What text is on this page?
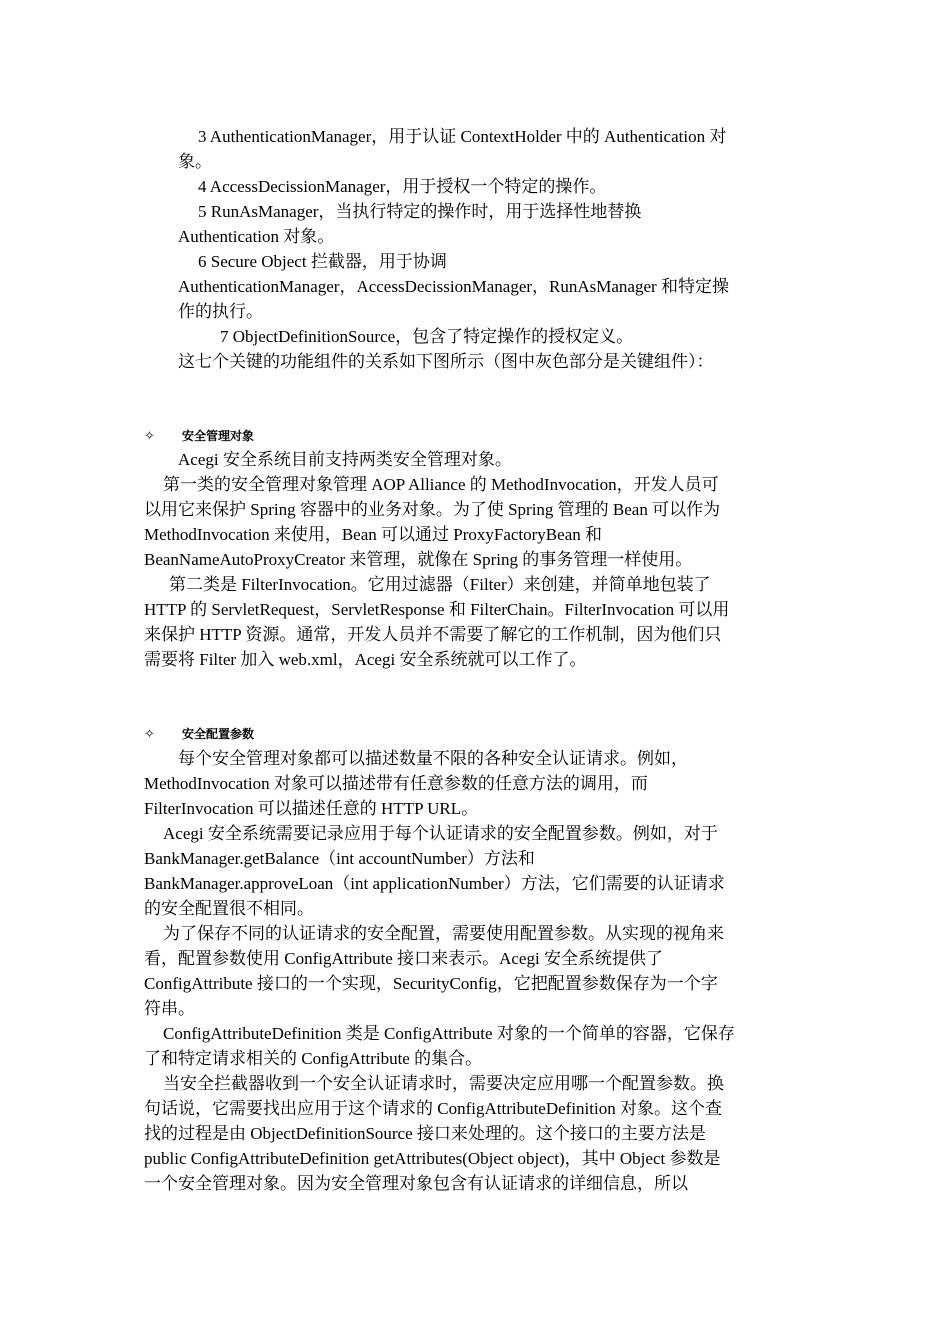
3 AuthenticationManager，用于认证 ContextHolder 中的 Authentication 对
象。
4 AccessDecissionManager，用于授权一个特定的操作。
5 RunAsManager，当执行特定的操作时，用于选择性地替换
Authentication 对象。
6 Secure Object 拦截器，用于协调
AuthenticationManager，AccessDecissionManager，RunAsManager 和特定操
作的执行。
7 ObjectDefinitionSource，包含了特定操作的授权定义。
这七个关键的功能组件的关系如下图所示（图中灰色部分是关键组件）：
✧ 安全管理对象
Acegi 安全系统目前支持两类安全管理对象。
第一类的安全管理对象管理 AOP Alliance 的 MethodInvocation，开发人员可
以用它来保护 Spring 容器中的业务对象。为了使 Spring 管理的 Bean 可以作为
MethodInvocation 来使用，Bean 可以通过 ProxyFactoryBean 和
BeanNameAutoProxyCreator 来管理，就像在 Spring 的事务管理一样使用。
第二类是 FilterInvocation。它用过滤器（Filter）来创建，并简单地包装了
HTTP 的 ServletRequest，ServletResponse 和 FilterChain。FilterInvocation 可以用
来保护 HTTP 资源。通常，开发人员并不需要了解它的工作机制，因为他们只
需要将 Filter 加入 web.xml，Acegi 安全系统就可以工作了。
✧ 安全配置参数
每个安全管理对象都可以描述数量不限的各种安全认证请求。例如，
MethodInvocation 对象可以描述带有任意参数的任意方法的调用，而
FilterInvocation 可以描述任意的 HTTP URL。
Acegi 安全系统需要记录应用于每个认证请求的安全配置参数。例如，对于
BankManager.getBalance（int accountNumber）方法和
BankManager.approveLoan（int applicationNumber）方法，它们需要的认证请求
的安全配置很不相同。
为了保存不同的认证请求的安全配置，需要使用配置参数。从实现的视角来
看，配置参数使用 ConfigAttribute 接口来表示。Acegi 安全系统提供了
ConfigAttribute 接口的一个实现，SecurityConfig，它把配置参数保存为一个字
符串。
ConfigAttributeDefinition 类是 ConfigAttribute 对象的一个简单的容器，它保存
了和特定请求相关的 ConfigAttribute 的集合。
当安全拦截器收到一个安全认证请求时，需要决定应用哪一个配置参数。换
句话说，它需要找出应用于这个请求的 ConfigAttributeDefinition 对象。这个查
找的过程是由 ObjectDefinitionSource 接口来处理的。这个接口的主要方法是
public ConfigAttributeDefinition getAttributes(Object object)，其中 Object 参数是
一个安全管理对象。因为安全管理对象包含有认证请求的详细信息，所以
